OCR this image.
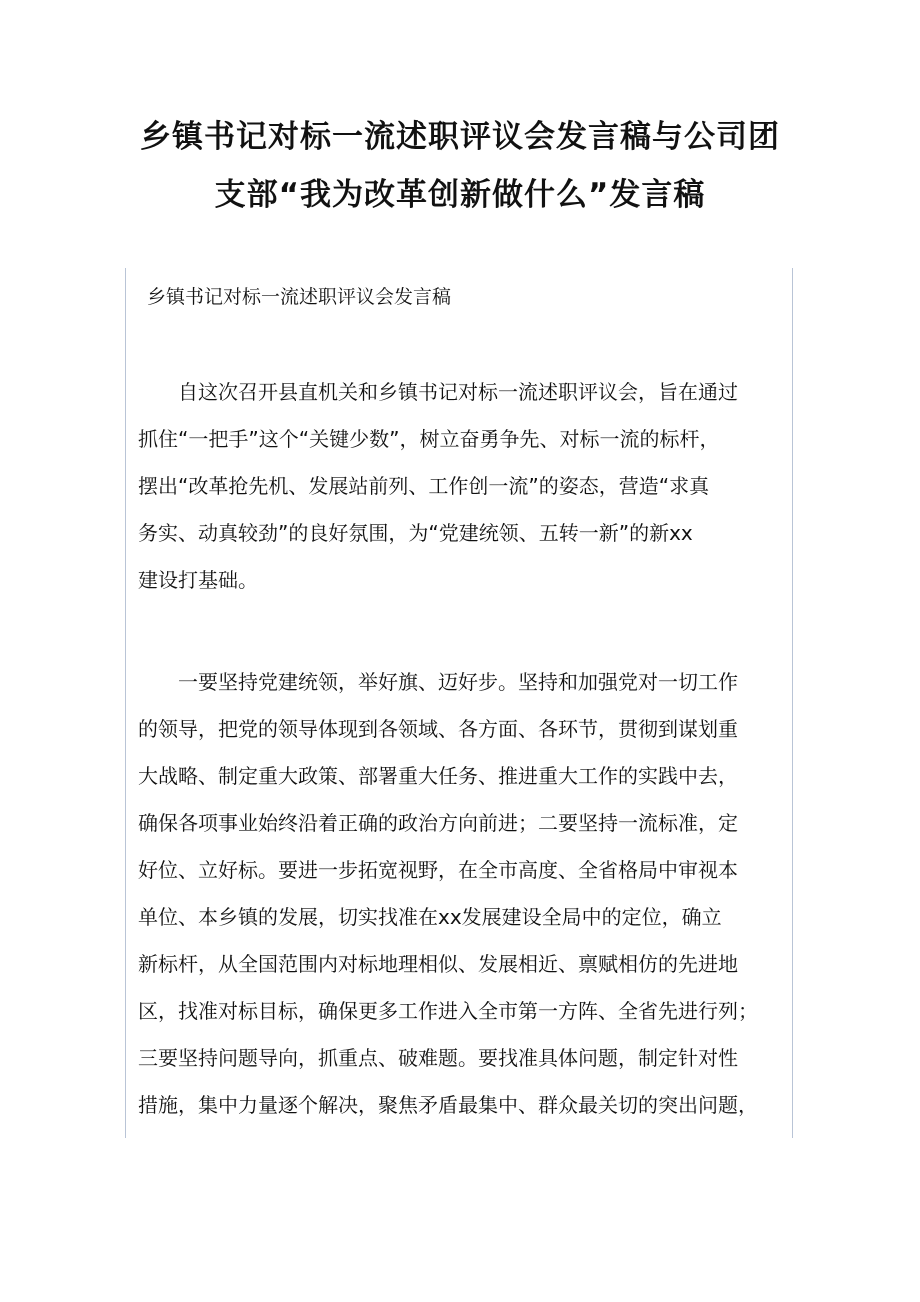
乡镇书记对标一流述职评议会发言稿与公司团
支部“我为改革创新做什么”发言稿
乡镇书记对标一流述职评议会发言稿

　　自这次召开县直机关和乡镇书记对标一流述职评议会，旨在通过
抓住“一把手”这个“关键少数”，树立奋勇争先、对标一流的标杆，
摆出“改革抢先机、发展站前列、工作创一流”的姿态，营造“求真
务实、动真较劲”的良好氛围，为“党建统领、五转一新”的新xx
建设打基础。

　　一要坚持党建统领，举好旗、迈好步。坚持和加强党对一切工作
的领导，把党的领导体现到各领域、各方面、各环节，贯彻到谋划重
大战略、制定重大政策、部署重大任务、推进重大工作的实践中去，
确保各项事业始终沿着正确的政治方向前进；二要坚持一流标准，定
好位、立好标。要进一步拓宽视野，在全市高度、全省格局中审视本
单位、本乡镇的发展，切实找准在xx发展建设全局中的定位，确立
新标杆，从全国范围内对标地理相似、发展相近、禀赋相仿的先进地
区，找准对标目标，确保更多工作进入全市第一方阵、全省先进行列；
三要坚持问题导向，抓重点、破难题。要找准具体问题，制定针对性
措施，集中力量逐个解决，聚焦矛盾最集中、群众最关切的突出问题，
